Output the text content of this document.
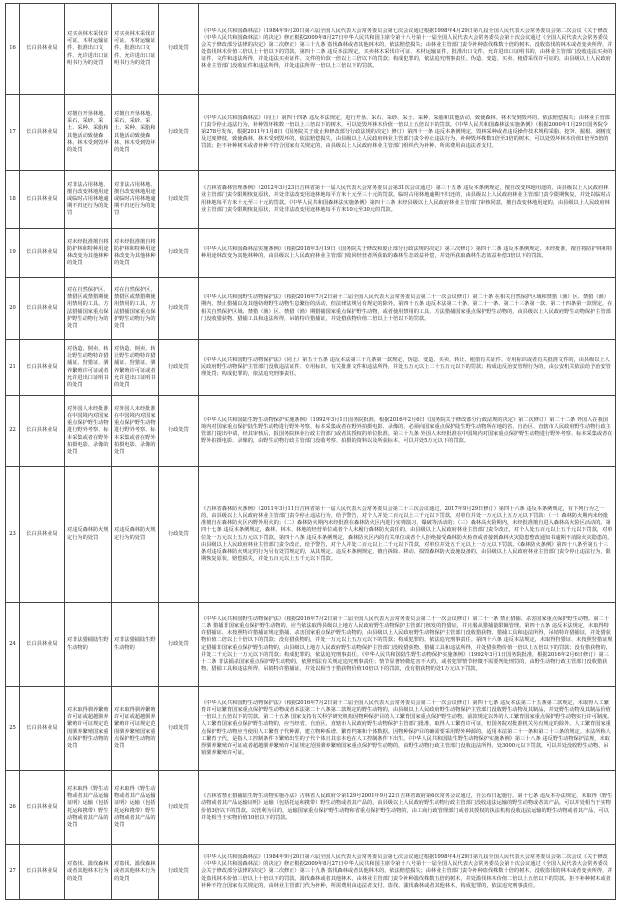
16	长白县林业局	对买卖林木采伐许可证、木材运输证件、批准出口文件、允许进出口证明书行为的处罚	对买卖林木采伐许可证、木材运输证件、批准出口文件、允许进出口证明书行为的处罚	行政处罚	《中华人民共和国森林法》（1984年9月20日第六届全国人民代表大会常务委员会第七次会议通过根据1998年4月29日第九届全国人民代表大会常务委员会第二次会议《关于修改〈中华人民共和国森林法〉的决定》修正根据2009年8月27日中华人民共和国主席令第十八号第十一届全国人民代表大会常务委员会第十次会议通过《全国人民代表大会常务委员会关于修改部分法律的决定》第二次修正）第三十九条 盗伐森林或者其他林木的，依法赔偿损失；由林业主管部门责令补种盗伐株数十倍的树木，没收盗伐的林木或者变卖所得，并处盗伐林木价值三倍以上十倍以下的罚款。第四十二条 违反本法规定，买卖林木采伐许可证、木材运输证件、批准出口文件、允许进出口证明书的，由林业主管部门没收违法买卖的证件、文件和违法所得，并处违法买卖证件、文件的价款一倍以上三倍以下的罚款；构成犯罪的，依法追究刑事责任。伪造、变造、买卖、租借采伐许可证的，由县级以上人民政府林业主管部门没收证件和违法所得，并处违法所得一倍以上三倍以下的罚款。

17	长白县林业局	对擅自开垦林地、采石、采砂、采土、采种、采脂和其他活动致使森林、林木受到毁坏的处罚	对擅自开垦林地、采石、采砂、采土、采种、采脂和其他活动致使森林、林木受到毁坏的处罚	行政处罚	《中华人民共和国森林法》（同上）第四十四条 违反本法规定，进行开垦、采石、采砂、采土、采种、采脂和其他活动，致使森林、林木受到毁坏的，依法赔偿损失；由林业主管部门责令停止违法行为，补种毁坏株数一倍以上三倍以下的树木，可以处毁坏林木价值一倍以上五倍以下的罚款。《中华人民共和国森林法实施条例》（根据2000年1月29日国务院令第278号发布，根据2011年1月8日《国务院关于废止和修改部分行政法规的决定》修订）第四十一条 违反本条例规定，毁林采种或者违反操作技术规程采脂、挖笋、掘根、剥树皮及过度修枝，致使森林、林木受到毁坏的，依法赔偿损失，由县级以上人民政府林业主管部门责令停止违法行为，补种毁坏株数1倍至3倍的树木，可以处毁坏林木价值1倍至5倍的罚款；拒不补种树木或者补种不符合国家有关规定的，由县级以上人民政府林业主管部门组织代为补种，所需费用由违法者支付。

18	长白县林业局	对非法占用林地、擅自改变林地用途或临时占用林地逾期不归还行为的处罚	对非法占用林地、擅自改变林地用途或临时占用林地逾期不归还行为的处罚	行政处罚	《吉林省森林管理条例》（2012年3月23日吉林省第十一届人民代表大会常务委员会第31次会议通过）第三十五条 违反本条例规定，擅自改变林地用途的，由县级以上人民政府林业主管部门责令限期恢复原状，并处非法改变用途林地每平方米十元至三十元的罚款。临时占用林地逾期不归还的，由县级以上人民政府林业主管部门责令限期恢复，并处以临时占用林地每平方米十元至三十元的罚款。《中华人民共和国森林法实施条例》第四十三条 未经县级以上人民政府林业主管部门审核同意，擅自改变林地用途的，由县级以上人民政府林业主管部门责令限期恢复原状，并处非法改变用途林地每平方米10元至30元的罚款。

19	长白县林业局	对未经批准擅自将防护林和特种用途林改变为其他林种的处罚	对未经批准擅自将防护林和特种用途林改变为其他林种的处罚	行政处罚	《中华人民共和国森林法实施条例》（根据2018年3月19日《国务院关于修改和废止部分行政法规的决定》第三次修订）第四十二条 违反本条例规定，未经批准，擅自将防护林和特种用途林改变为其他林种的，由县级以上人民政府林业主管部门收回经营者所获取的森林生态效益补偿，并处所获取森林生态效益补偿3倍以下的罚款。

20	长白县林业局	对在自然保护区、禁猎区或禁猎期使用禁用的工具、方法猎捕国家重点保护野生动物行为的处罚	对在自然保护区、禁猎区或禁猎期使用禁用的工具、方法猎捕国家重点保护野生动物行为的处罚	行政处罚	《中华人民共和国野生动物保护法》（根据2016年7月2日第十二届全国人民代表大会常务委员会第二十一次会议修订）第二十条 在相关自然保护区域和禁猎（渔）区、禁猎（渔）期内，禁止猎捕以及其他妨碍野生动物生息繁衍的活动，但法律法规另有规定的除外。第四十五条 违反本法第二十条、第二十一条、第二十三条第一款、第二十四条第一款规定，在相关自然保护区域、禁猎（渔）区、禁猎（渔）期猎捕国家重点保护野生动物，或者使用禁用的工具、方法猎捕国家重点保护野生动物的，由县级以上人民政府野生动物保护主管部门没收猎获物、猎捕工具和违法所得，吊销特许猎捕证，并处猎获物价值二倍以上十倍以下的罚款。

21	长白县林业局	对伪造、倒卖、转让野生动物特许猎捕证、狩猎证、驯养繁殖许可证或者允许进出口证明书的处罚	对伪造、倒卖、转让野生动物特许猎捕证、狩猎证、驯养繁殖许可证或者允许进出口证明书的处罚	行政处罚	《中华人民共和国野生动物保护法》（同上）第五十五条 违反本法第三十九条第一款规定，伪造、变造、买卖、转让、租借有关证件、专用标识或者有关批准文件的，由县级以上人民政府野生动物保护主管部门没收违法证件、专用标识、有关批准文件和违法所得，并处五万元以上二十五万元以下的罚款；构成违反治安管理行为的，由公安机关依法给予治安管理处罚；构成犯罪的，依法追究刑事责任。

22	长白县林业局	对外国人未经批准在中国境内对国家重点保护野生动物进行野外考察、标本采集或者在野外拍摄电影、录像的处罚	对外国人未经批准在中国境内对国家重点保护野生动物进行野外考察、标本采集或者在野外拍摄电影、录像的处罚	行政处罚	《中华人民共和国陆生野生动物保护实施条例》（1992年3月1日国务院批准，根据2016年2月6日《国务院关于修改部分行政法规的决定》第二次修订）第二十二条 外国人在我国境内对国家重点保护陆生野生动物进行野外考察、标本采集或者在野外拍摄电影、录像的，必须向国家重点保护陆生野生动物所在地的省、自治区、直辖市人民政府野生动物行政主管部门提出申请，经其审核后，报国务院林业行政主管部门或者其授权的单位批准。第三十九条 外国人未经批准在中国境内对国家重点保护野生动物进行野外考察、标本采集或者在野外拍摄电影、录像的，由野生动物行政主管部门没收考察、拍摄的资料以及所获标本，可以并处5万元以下的罚款。

23	长白县林业局	对违反森林防火规定行为的处罚	对违反森林防火规定行为的处罚	行政处罚	《吉林省森林防火条例》（2011年3月11日吉林省第十一届人民代表大会常务委员会第二十三次会议通过，2017年9月29日修订）第四十六条 违反本条例规定，有下列行为之一的，由县级以上人民政府林业主管部门责令停止违法行为，给予警告，对个人并处二百元以上三千元以下罚款，对单位并处一万元以上五万元以下罚款：（一）森林防火期内未经批准擅自在森林防火区内野外用火的；（二）森林防火期内未经批准在森林防火区内进行实弹演习、爆破等活动的；（三）森林高火险期内，未经批准擅自进入森林高火险区活动的。第四十七条 违反本条例规定，森林、林木、林地的经营单位或者个人未履行森林防火责任的，由县级以上人民政府林业主管部门责令改正，对个人处五百元以上五千元以下罚款，对单位处一万元以上五万元以下罚款。第四十八条 违反本条例规定，森林防火区内的有关单位或者个人拒绝接受森林防火检查或者接到森林火灾隐患整改通知书逾期不消除火灾隐患的，由县级以上人民政府林业主管部门责令改正，给予警告，对个人并处二百元以上二千元以下罚款，对单位并处五千元以上一万元以下罚款。《森林防火条例》第四十八条至第五十三条对违反森林防火规定的行为另有处罚规定的，从其规定。违反本条例规定，擅自拆除、移动、损毁森林防火设施设备的，由县级以上人民政府林业主管部门责令停止违法行为，限期恢复原状，赔偿损失，并处五百元以上五千元以下罚款。

24	长白县林业局	对非法猎捕陆生野生动物的	对非法猎捕陆生野生动物的	行政处罚	《中华人民共和国野生动物保护法》（根据2016年7月2日第十二届全国人民代表大会常务委员会第二十一次会议修订）第二十一条 禁止猎捕、杀害国家重点保护野生动物。第二十二条 猎捕非国家重点保护野生动物的，应当依法取得县级以上地方人民政府野生动物保护主管部门核发的狩猎证，并且服从猎捕量限额管理。第四十五条 违反本法规定，未取得特许猎捕证、未按照特许猎捕证规定猎捕、杀害国家重点保护野生动物的，由县级以上人民政府野生动物保护主管部门没收猎获物、猎捕工具和违法所得，吊销特许猎捕证，并处猎获物价值二倍以上十倍以下的罚款；没有猎获物的，并处一万元以上五万元以下的罚款；构成犯罪的，依法追究刑事责任。第四十六条 违反本法规定，未取得狩猎证、未按照狩猎证规定猎捕非国家重点保护野生动物的，由县级以上地方人民政府野生动物保护主管部门没收猎获物、猎捕工具和违法所得，并处猎获物价值一倍以上五倍以下的罚款；没有猎获物的，并处二千元以上一万元以下的罚款；构成犯罪的，依法追究刑事责任。《中华人民共和国陆生野生动物保护实施条例》（1992年3月1日国务院批准，根据2016年2月6日修订）第三十二条 非法捕杀国家重点保护野生动物的，依照刑法有关规定追究刑事责任；情节显著轻微危害不大的，或者犯罪情节轻微不需要判处刑罚的，由野生动物行政主管部门没收猎获物、猎捕工具和违法所得，吊销特许猎捕证，并处以相当于猎获物价值10倍以下的罚款，没有猎获物的处1万元以下罚款。

25	长白县林业局	对未取得驯养繁殖许可证或超越驯养繁殖许可证规定范围驯养繁殖国家重点保护野生动物的处罚	对未取得驯养繁殖许可证或超越驯养繁殖许可证规定范围驯养繁殖国家重点保护野生动物的处罚	行政处罚	《中华人民共和国野生动物保护法》（根据2016年7月2日第十二届全国人民代表大会常务委员会第二十一次会议修订）第四十七条 违反本法第二十五条第二款规定，未取得人工繁育许可证繁育国家重点保护野生动物或者本法第二十八条第二款规定的野生动物的，由县级以上人民政府野生动物保护主管部门没收野生动物及其制品，并处野生动物及其制品价值一倍以上五倍以下的罚款。第二十五条 国家支持有关科学研究机构因物种保护目的人工繁育国家重点保护野生动物。前款规定以外的人工繁育国家重点保护野生动物实行许可制度。人工繁育国家重点保护野生动物的，应当经省、自治区、直辖市人民政府野生动物保护主管部门批准，取得人工繁育许可证，但国务院对批准机关另有规定的除外。人工繁育国家重点保护野生动物应当使用人工繁育子代种源，建立物种系谱、繁育档案和个体数据。因物种保护目的确需要采用野外种源的，适用本法第二十一条和第二十三条的规定。本法所称人工繁育子代，是指人工控制条件下繁殖出生的子代个体且其亲本也在人工控制条件下出生。《中华人民共和国陆生野生动物保护实施条例》第三十八条 违反野生动物保护法规，未取得驯养繁殖许可证或者超越驯养繁殖许可证规定范围驯养繁殖国家重点保护野生动物的，由野生动物行政主管部门没收违法所得，处3000元以下罚款，可以并处没收野生动物、吊销驯养繁殖许可证。

26	长白县林业局	对未取得《野生动物或者其产品运输证明》运输（包括托运和携带）野生动物或者其产品的处罚	对未取得《野生动物或者其产品运输证明》运输（包括托运和携带）野生动物或者其产品的处罚	行政处罚	《吉林省禁止猎捕陆生野生动物实施办法》吉林省人民政府令第129号2001年9月22日吉林省政府第6次常务会议通过，自公布日起施行。第十七条 违反本办法规定，未取得《野生动物或者其产品运输证明》运输（包括托运和携带）野生动物或者其产品的，由县级以上人民政府野生动物行政主管部门没收违法运输的野生动物或者其产品，可以并处相当于实物价值3倍以下的罚款。以营利为目的，运输国家重点保护野生动物和省重点保护野生动物的，由工商行政管理部门或者其授权的执法机构没收违法运输的野生动物或者其产品，可以并处相当于实物价值10倍以下的罚款。

27	长白县林业局	对盗伐、滥伐森林或者其他林木行为的处罚	对盗伐、滥伐森林或者其他林木行为的处罚	行政处罚	《中华人民共和国森林法》（1984年9月20日第六届全国人民代表大会常务委员会第七次会议通过根据1998年4月29日第九届全国人民代表大会常务委员会第二次会议《关于修改〈中华人民共和国森林法〉的决定》修正根据2009年8月27日中华人民共和国主席令第十八号第十一届全国人民代表大会常务委员会第十次会议通过《全国人民代表大会常务委员会关于修改部分法律的决定》第二次修正）第三十九条 盗伐森林或者其他林木的，依法赔偿损失；由林业主管部门责令补种盗伐株数十倍的树木，没收盗伐的林木或者变卖所得，并处盗伐林木价值三倍以上十倍以下的罚款。滥伐森林或者其他林木，由林业主管部门责令补种滥伐株数五倍的树木，并处滥伐林木价值二倍以上五倍以下的罚款。拒不补种树木或者补种不符合国家有关规定的，由林业主管部门代为补种，所需费用由违法者支付。盗伐、滥伐森林或者其他林木，构成犯罪的，依法追究刑事责任。
